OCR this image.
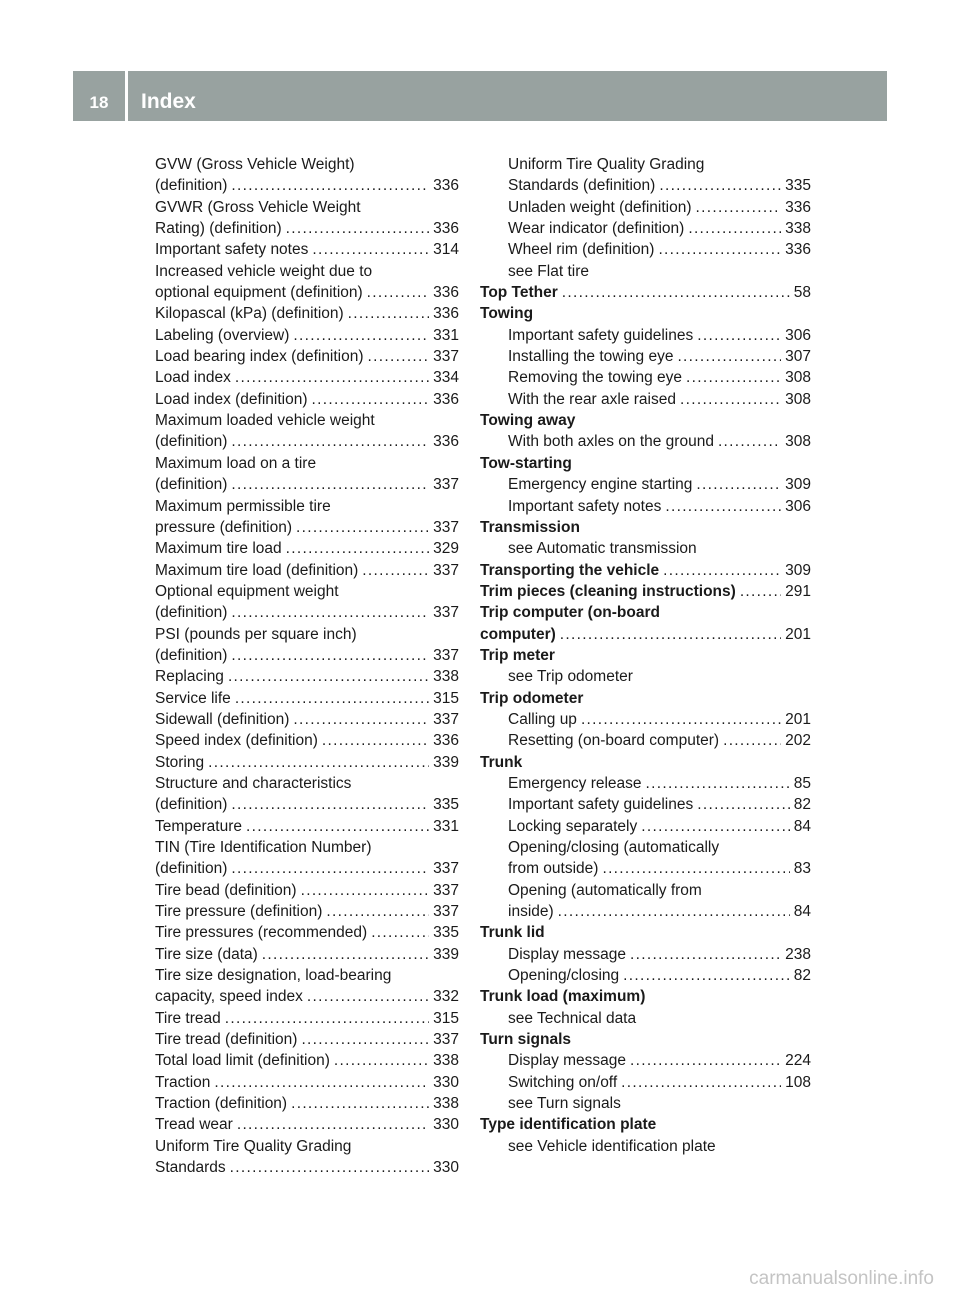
18	Index
GVW (Gross Vehicle Weight)
(definition) . . .	336
GVWR (Gross Vehicle Weight
Rating) (definition) . . .	336
Important safety notes . . .	314
Increased vehicle weight due to
optional equipment (definition) . . .	336
Kilopascal (kPa) (definition) . . .	336
Labeling (overview) . . .	331
Load bearing index (definition) . . .	337
Load index . . .	334
Load index (definition) . . .	336
Maximum loaded vehicle weight
(definition) . . .	336
Maximum load on a tire
(definition) . . .	337
Maximum permissible tire
pressure (definition) . . .	337
Maximum tire load . . .	329
Maximum tire load (definition) . . .	337
Optional equipment weight
(definition) . . .	337
PSI (pounds per square inch)
(definition) . . .	337
Replacing . . .	338
Service life . . .	315
Sidewall (definition) . . .	337
Speed index (definition) . . .	336
Storing . . .	339
Structure and characteristics
(definition) . . .	335
Temperature . . .	331
TIN (Tire Identification Number)
(definition) . . .	337
Tire bead (definition) . . .	337
Tire pressure (definition) . . .	337
Tire pressures (recommended) . . .	335
Tire size (data) . . .	339
Tire size designation, load-bearing
capacity, speed index . . .	332
Tire tread . . .	315
Tire tread (definition) . . .	337
Total load limit (definition) . . .	338
Traction . . .	330
Traction (definition) . . .	338
Tread wear . . .	330
Uniform Tire Quality Grading
Standards . . .	330
Uniform Tire Quality Grading
Standards (definition) . . .	335
Unladen weight (definition) . . .	336
Wear indicator (definition) . . .	338
Wheel rim (definition) . . .	336
see Flat tire
Top Tether . . .	58
Towing
Important safety guidelines . . .	306
Installing the towing eye . . .	307
Removing the towing eye . . .	308
With the rear axle raised . . .	308
Towing away
With both axles on the ground . . .	308
Tow-starting
Emergency engine starting . . .	309
Important safety notes . . .	306
Transmission
see Automatic transmission
Transporting the vehicle . . .	309
Trim pieces (cleaning instructions) . . .	291
Trip computer (on-board
computer) . . .	201
Trip meter
see Trip odometer
Trip odometer
Calling up . . .	201
Resetting (on-board computer) . . .	202
Trunk
Emergency release . . .	85
Important safety guidelines . . .	82
Locking separately . . .	84
Opening/closing (automatically
from outside) . . .	83
Opening (automatically from
inside) . . .	84
Trunk lid
Display message . . .	238
Opening/closing . . .	82
Trunk load (maximum)
see Technical data
Turn signals
Display message . . .	224
Switching on/off . . .	108
see Turn signals
Type identification plate
see Vehicle identification plate
carmanualsonline.info
